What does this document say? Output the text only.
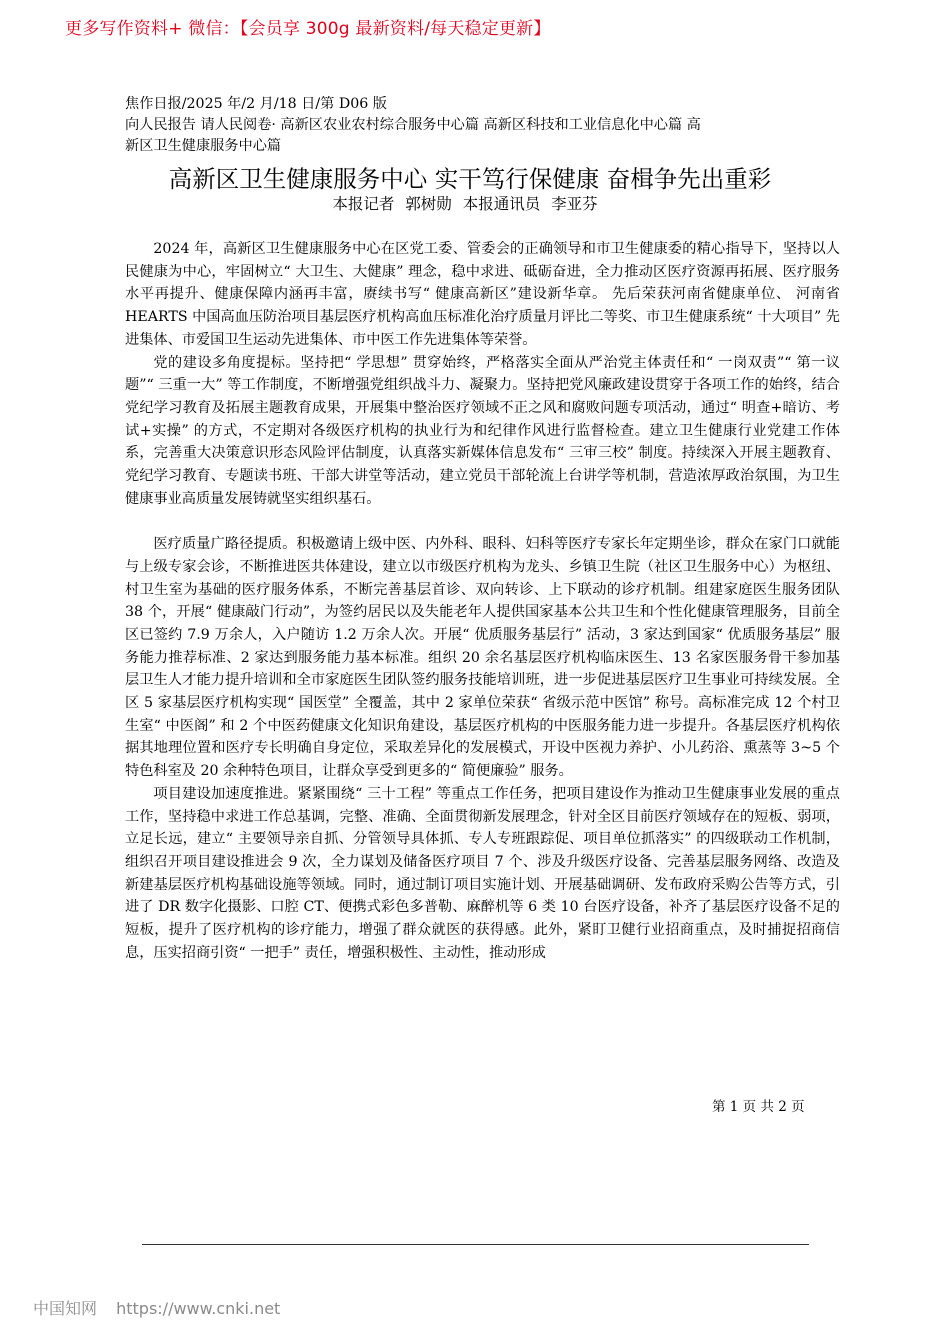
更多写作资料+ 微信：【会员享 300g 最新资料/每天稳定更新】
焦作日报/2025 年/2 月/18 日/第 D06 版
向人民报告 请人民阅卷· 高新区农业农村综合服务中心篇 高新区科技和工业信息化中心篇 高
新区卫生健康服务中心篇
高新区卫生健康服务中心 实干笃行保健康 奋楫争先出重彩
本报记者 郭树勋 本报通讯员 李亚芬

2024 年，高新区卫生健康服务中心在区党工委、管委会的正确领导和市卫生健康委的精心指导下，坚持以人民健康为中心，牢固树立“ 大卫生、大健康” 理念，稳中求进、砥砺奋进，全力推动区医疗资源再拓展、医疗服务水平再提升、健康保障内涵再丰富，赓续书写“ 健康高新区”建设新华章。 先后荣获河南省健康单位、 河南省 HEARTS 中国高血压防治项目基层医疗机构高血压标准化治疗质量月评比二等奖、市卫生健康系统“ 十大项目” 先进集体、市爱国卫生运动先进集体、市中医工作先进集体等荣誉。

党的建设多角度提标。坚持把“ 学思想” 贯穿始终，严格落实全面从严治党主体责任和“ 一岗双责”“ 第一议题”“ 三重一大” 等工作制度，不断增强党组织战斗力、凝聚力。坚持把党风廉政建设贯穿于各项工作的始终，结合党纪学习教育及拓展主题教育成果，开展集中整治医疗领域不正之风和腐败问题专项活动，通过“ 明查+暗访、考试+实操” 的方式，不定期对各级医疗机构的执业行为和纪律作风进行监督检查。建立卫生健康行业党建工作体系，完善重大决策意识形态风险评估制度，认真落实新媒体信息发布“ 三审三校” 制度。持续深入开展主题教育、党纪学习教育、专题读书班、干部大讲堂等活动，建立党员干部轮流上台讲学等机制，营造浓厚政治氛围，为卫生健康事业高质量发展铸就坚实组织基石。

医疗质量广路径提质。积极邀请上级中医、内外科、眼科、妇科等医疗专家长年定期坐诊，群众在家门口就能与上级专家会诊，不断推进医共体建设，建立以市级医疗机构为龙头、乡镇卫生院（社区卫生服务中心）为枢纽、村卫生室为基础的医疗服务体系，不断完善基层首诊、双向转诊、上下联动的诊疗机制。组建家庭医生服务团队 38 个，开展“ 健康敲门行动”，为签约居民以及失能老年人提供国家基本公共卫生和个性化健康管理服务，目前全区已签约 7.9 万余人，入户随访 1.2 万余人次。开展“ 优质服务基层行” 活动，3 家达到国家“ 优质服务基层” 服务能力推荐标准、2 家达到服务能力基本标准。组织 20 余名基层医疗机构临床医生、13 名家医服务骨干参加基层卫生人才能力提升培训和全市家庭医生团队签约服务技能培训班，进一步促进基层医疗卫生事业可持续发展。全区 5 家基层医疗机构实现“ 国医堂” 全覆盖，其中 2 家单位荣获“ 省级示范中医馆” 称号。高标准完成 12 个村卫生室“ 中医阁” 和 2 个中医药健康文化知识角建设，基层医疗机构的中医服务能力进一步提升。各基层医疗机构依据其地理位置和医疗专长明确自身定位，采取差异化的发展模式，开设中医视力养护、小儿药浴、熏蒸等 3~5 个特色科室及 20 余种特色项目，让群众享受到更多的“ 简便廉验” 服务。

项目建设加速度推进。紧紧围绕“ 三十工程” 等重点工作任务，把项目建设作为推动卫生健康事业发展的重点工作，坚持稳中求进工作总基调，完整、准确、全面贯彻新发展理念，针对全区目前医疗领域存在的短板、弱项，立足长远，建立“ 主要领导亲自抓、分管领导具体抓、专人专班跟踪促、项目单位抓落实” 的四级联动工作机制，组织召开项目建设推进会 9 次，全力谋划及储备医疗项目 7 个、涉及升级医疗设备、完善基层服务网络、改造及新建基层医疗机构基础设施等领域。同时，通过制订项目实施计划、开展基础调研、发布政府采购公告等方式，引进了 DR 数字化摄影、口腔 CT、便携式彩色多普勒、麻醉机等 6 类 10 台医疗设备，补齐了基层医疗设备不足的短板，提升了医疗机构的诊疗能力，增强了群众就医的获得感。此外，紧盯卫健行业招商重点，及时捕捉招商信息，压实招商引资“ 一把手” 责任，增强积极性、主动性，推动形成

第 1 页 共 2 页
中国知网 https://www.cnki.net
